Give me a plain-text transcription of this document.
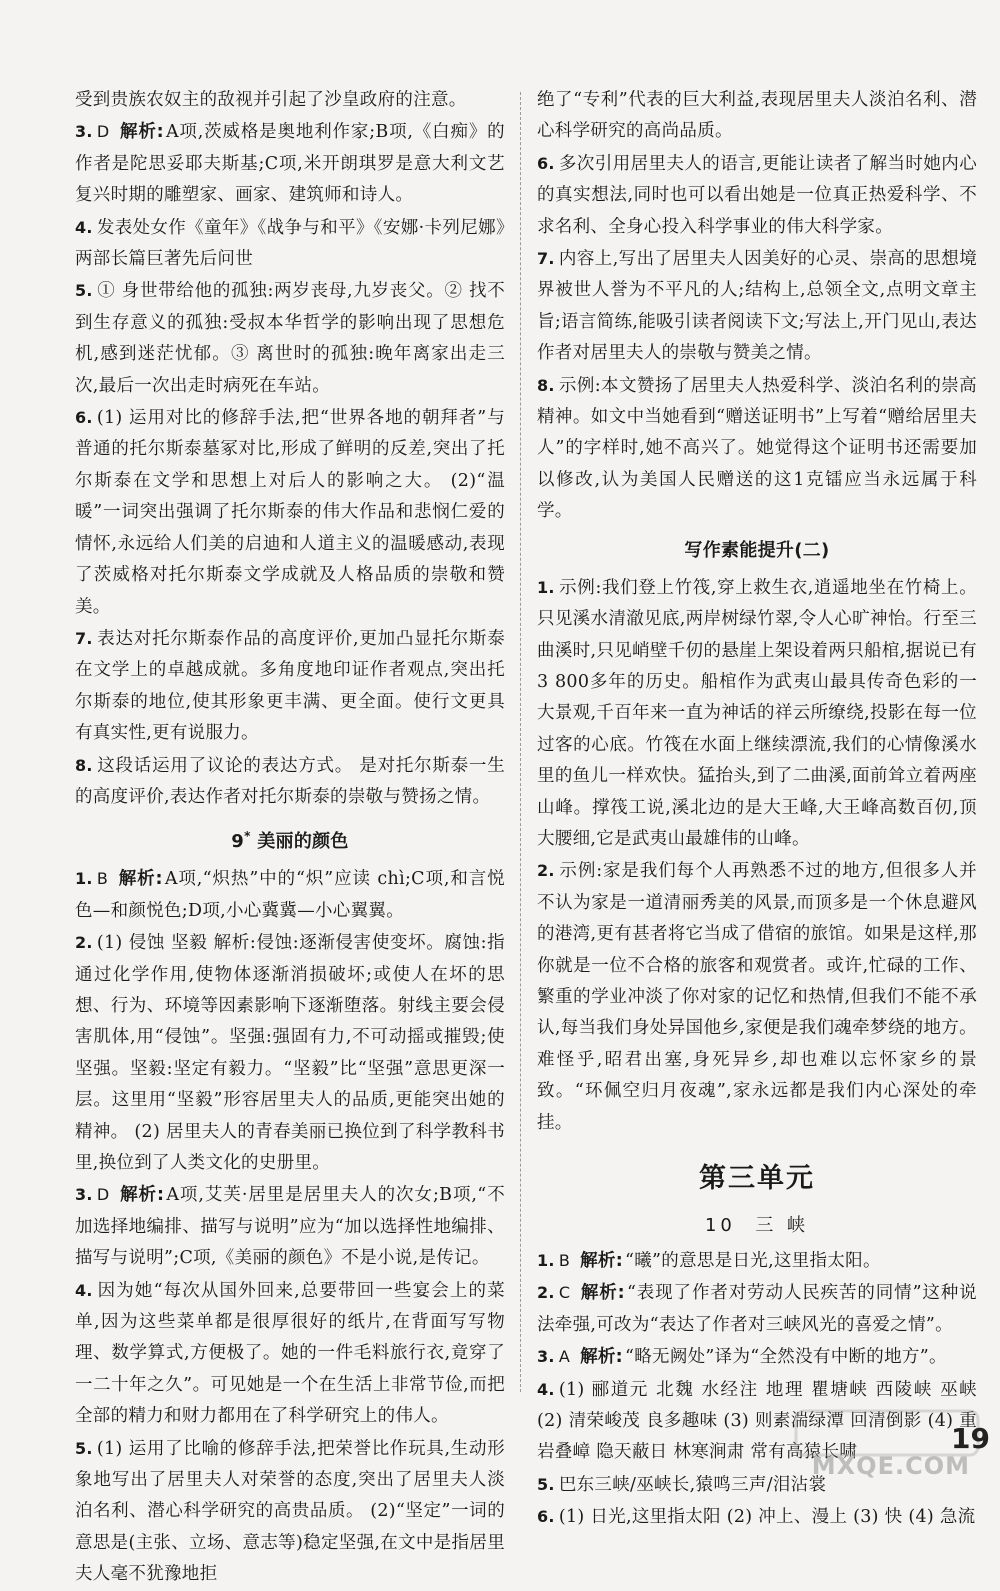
受到贵族农奴主的敌视并引起了沙皇政府的注意。

3. D 解析: A项,茨威格是奥地利作家;B项,《白痴》的作者是陀思妥耶夫斯基;C项,米开朗琪罗是意大利文艺复兴时期的雕塑家、画家、建筑师和诗人。

4. 发表处女作《童年》《战争与和平》《安娜·卡列尼娜》两部长篇巨著先后问世

5. ① 身世带给他的孤独:两岁丧母,九岁丧父。② 找不到生存意义的孤独:受叔本华哲学的影响出现了思想危机,感到迷茫忧郁。③ 离世时的孤独:晚年离家出走三次,最后一次出走时病死在车站。

6. (1) 运用对比的修辞手法,把“世界各地的朝拜者”与普通的托尔斯泰墓冢对比,形成了鲜明的反差,突出了托尔斯泰在文学和思想上对后人的影响之大。 (2)“温暖”一词突出强调了托尔斯泰的伟大作品和悲悯仁爱的情怀,永远给人们美的启迪和人道主义的温暖感动,表现了茨威格对托尔斯泰文学成就及人格品质的崇敬和赞美。

7. 表达对托尔斯泰作品的高度评价,更加凸显托尔斯泰在文学上的卓越成就。多角度地印证作者观点,突出托尔斯泰的地位,使其形象更丰满、更全面。使行文更具有真实性,更有说服力。

8. 这段话运用了议论的表达方式。 是对托尔斯泰一生的高度评价,表达作者对托尔斯泰的崇敬与赞扬之情。

9* 美丽的颜色

1. B 解析: A项,“炽热”中的“炽”应读 chì;C项,和言悦色—和颜悦色;D项,小心冀冀—小心翼翼。

2. (1) 侵蚀 坚毅 解析:侵蚀:逐渐侵害使变坏。腐蚀:指通过化学作用,使物体逐渐消损破坏;或使人在坏的思想、行为、环境等因素影响下逐渐堕落。射线主要会侵害肌体,用“侵蚀”。坚强:强固有力,不可动摇或摧毁;使坚强。坚毅:坚定有毅力。“坚毅”比“坚强”意思更深一层。这里用“坚毅”形容居里夫人的品质,更能突出她的精神。 (2) 居里夫人的青春美丽已换位到了科学教科书里,换位到了人类文化的史册里。

3. D 解析: A项,艾芙·居里是居里夫人的次女;B项,“不加选择地编排、描写与说明”应为“加以选择性地编排、描写与说明”;C项,《美丽的颜色》不是小说,是传记。

4. 因为她“每次从国外回来,总要带回一些宴会上的菜单,因为这些菜单都是很厚很好的纸片,在背面写写物理、数学算式,方便极了。她的一件毛料旅行衣,竟穿了一二十年之久”。可见她是一个在生活上非常节俭,而把全部的精力和财力都用在了科学研究上的伟人。

5. (1) 运用了比喻的修辞手法,把荣誉比作玩具,生动形象地写出了居里夫人对荣誉的态度,突出了居里夫人淡泊名利、潜心科学研究的高贵品质。 (2)“坚定”一词的意思是(主张、立场、意志等)稳定坚强,在文中是指居里夫人毫不犹豫地拒

绝了“专利”代表的巨大利益,表现居里夫人淡泊名利、潜心科学研究的高尚品质。

6. 多次引用居里夫人的语言,更能让读者了解当时她内心的真实想法,同时也可以看出她是一位真正热爱科学、不求名利、全身心投入科学事业的伟大科学家。

7. 内容上,写出了居里夫人因美好的心灵、崇高的思想境界被世人誉为不平凡的人;结构上,总领全文,点明文章主旨;语言简练,能吸引读者阅读下文;写法上,开门见山,表达作者对居里夫人的崇敬与赞美之情。

8. 示例:本文赞扬了居里夫人热爱科学、淡泊名利的崇高精神。如文中当她看到“赠送证明书”上写着“赠给居里夫人”的字样时,她不高兴了。她觉得这个证明书还需要加以修改,认为美国人民赠送的这1克镭应当永远属于科学。

写作素能提升(二)

1. 示例:我们登上竹筏,穿上救生衣,逍遥地坐在竹椅上。只见溪水清澈见底,两岸树绿竹翠,令人心旷神怡。行至三曲溪时,只见峭壁千仞的悬崖上架设着两只船棺,据说已有3 800多年的历史。船棺作为武夷山最具传奇色彩的一大景观,千百年来一直为神话的祥云所缭绕,投影在每一位过客的心底。竹筏在水面上继续漂流,我们的心情像溪水里的鱼儿一样欢快。猛抬头,到了二曲溪,面前耸立着两座山峰。撑筏工说,溪北边的是大王峰,大王峰高数百仞,顶大腰细,它是武夷山最雄伟的山峰。

2. 示例:家是我们每个人再熟悉不过的地方,但很多人并不认为家是一道清丽秀美的风景,而顶多是一个休息避风的港湾,更有甚者将它当成了借宿的旅馆。如果是这样,那你就是一位不合格的旅客和观赏者。或许,忙碌的工作、繁重的学业冲淡了你对家的记忆和热情,但我们不能不承认,每当我们身处异国他乡,家便是我们魂牵梦绕的地方。难怪乎,昭君出塞,身死异乡,却也难以忘怀家乡的景致。“环佩空归月夜魂”,家永远都是我们内心深处的牵挂。

第三单元
10 三 峡

1. B 解析: “曦”的意思是日光,这里指太阳。

2. C 解析: “表现了作者对劳动人民疾苦的同情”这种说法牵强,可改为“表达了作者对三峡风光的喜爱之情”。

3. A 解析: “略无阙处”译为“全然没有中断的地方”。

4. (1) 郦道元 北魏 水经注 地理 瞿塘峡 西陵峡 巫峡 (2) 清荣峻茂 良多趣味 (3) 则素湍绿潭 回清倒影 (4) 重岩叠嶂 隐天蔽日 林寒涧肃 常有高猿长啸

5. 巴东三峡/巫峡长,猿鸣三声/泪沾裳

6. (1) 日光,这里指太阳 (2) 冲上、漫上 (3) 快 (4) 急流

MXQE.COM
19
